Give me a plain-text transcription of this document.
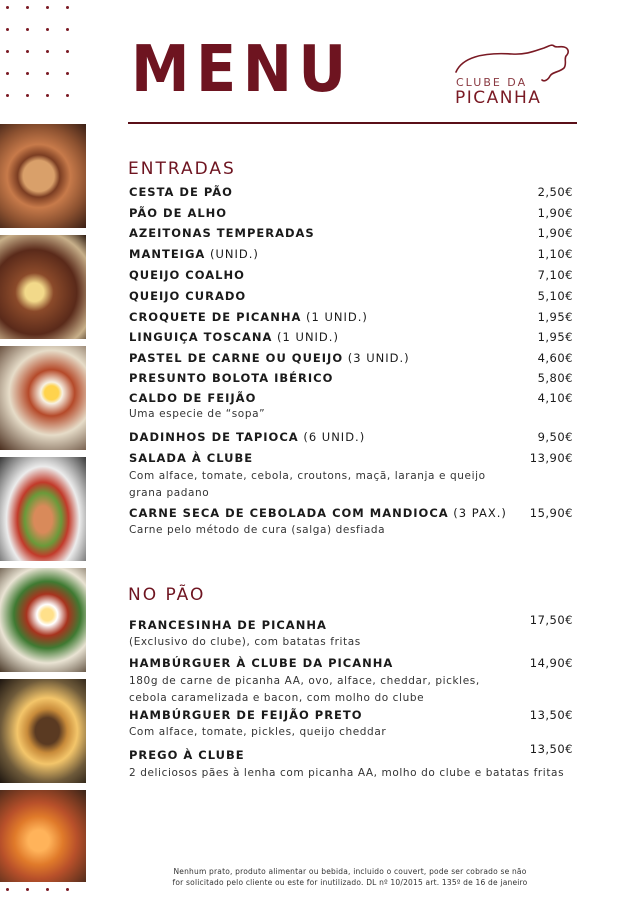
MENU	CLUBE DA
PICANHA
ENTRADAS
CESTA DE PÃO	2,50€
PÃO DE ALHO	1,90€
AZEITONAS TEMPERADAS	1,90€
MANTEIGA (UNID.)	1,10€
QUEIJO COALHO	7,10€
QUEIJO CURADO	5,10€
CROQUETE DE PICANHA (1 UNID.)	1,95€
LINGUIÇA TOSCANA (1 UNID.)	1,95€
PASTEL DE CARNE OU QUEIJO (3 UNID.)	4,60€
PRESUNTO BOLOTA IBÉRICO	5,80€
CALDO DE FEIJÃO	4,10€
Uma especie de “sopa”
DADINHOS DE TAPIOCA (6 UNID.)	9,50€
SALADA À CLUBE	13,90€
Com alface, tomate, cebola, croutons, maçã, laranja e queijo grana padano
CARNE SECA DE CEBOLADA COM MANDIOCA (3 PAX.) 15,90€
Carne pelo método de cura (salga) desfiada
NO PÃO
FRANCESINHA DE PICANHA	17,50€
(Exclusivo do clube), com batatas fritas
HAMBÚRGUER À CLUBE DA PICANHA	14,90€
180g de carne de picanha AA, ovo, alface, cheddar, pickles, cebola caramelizada e bacon, com molho do clube
HAMBÚRGUER DE FEIJÃO PRETO	13,50€
Com alface, tomate, pickles, queijo cheddar
PREGO À CLUBE	13,50€
2 deliciosos pães à lenha com picanha AA, molho do clube e batatas fritas
Nenhum prato, produto alimentar ou bebida, incluido o couvert, pode ser cobrado se não
for solicitado pelo cliente ou este for inutilizado. DL nº 10/2015 art. 135º de 16 de janeiro
